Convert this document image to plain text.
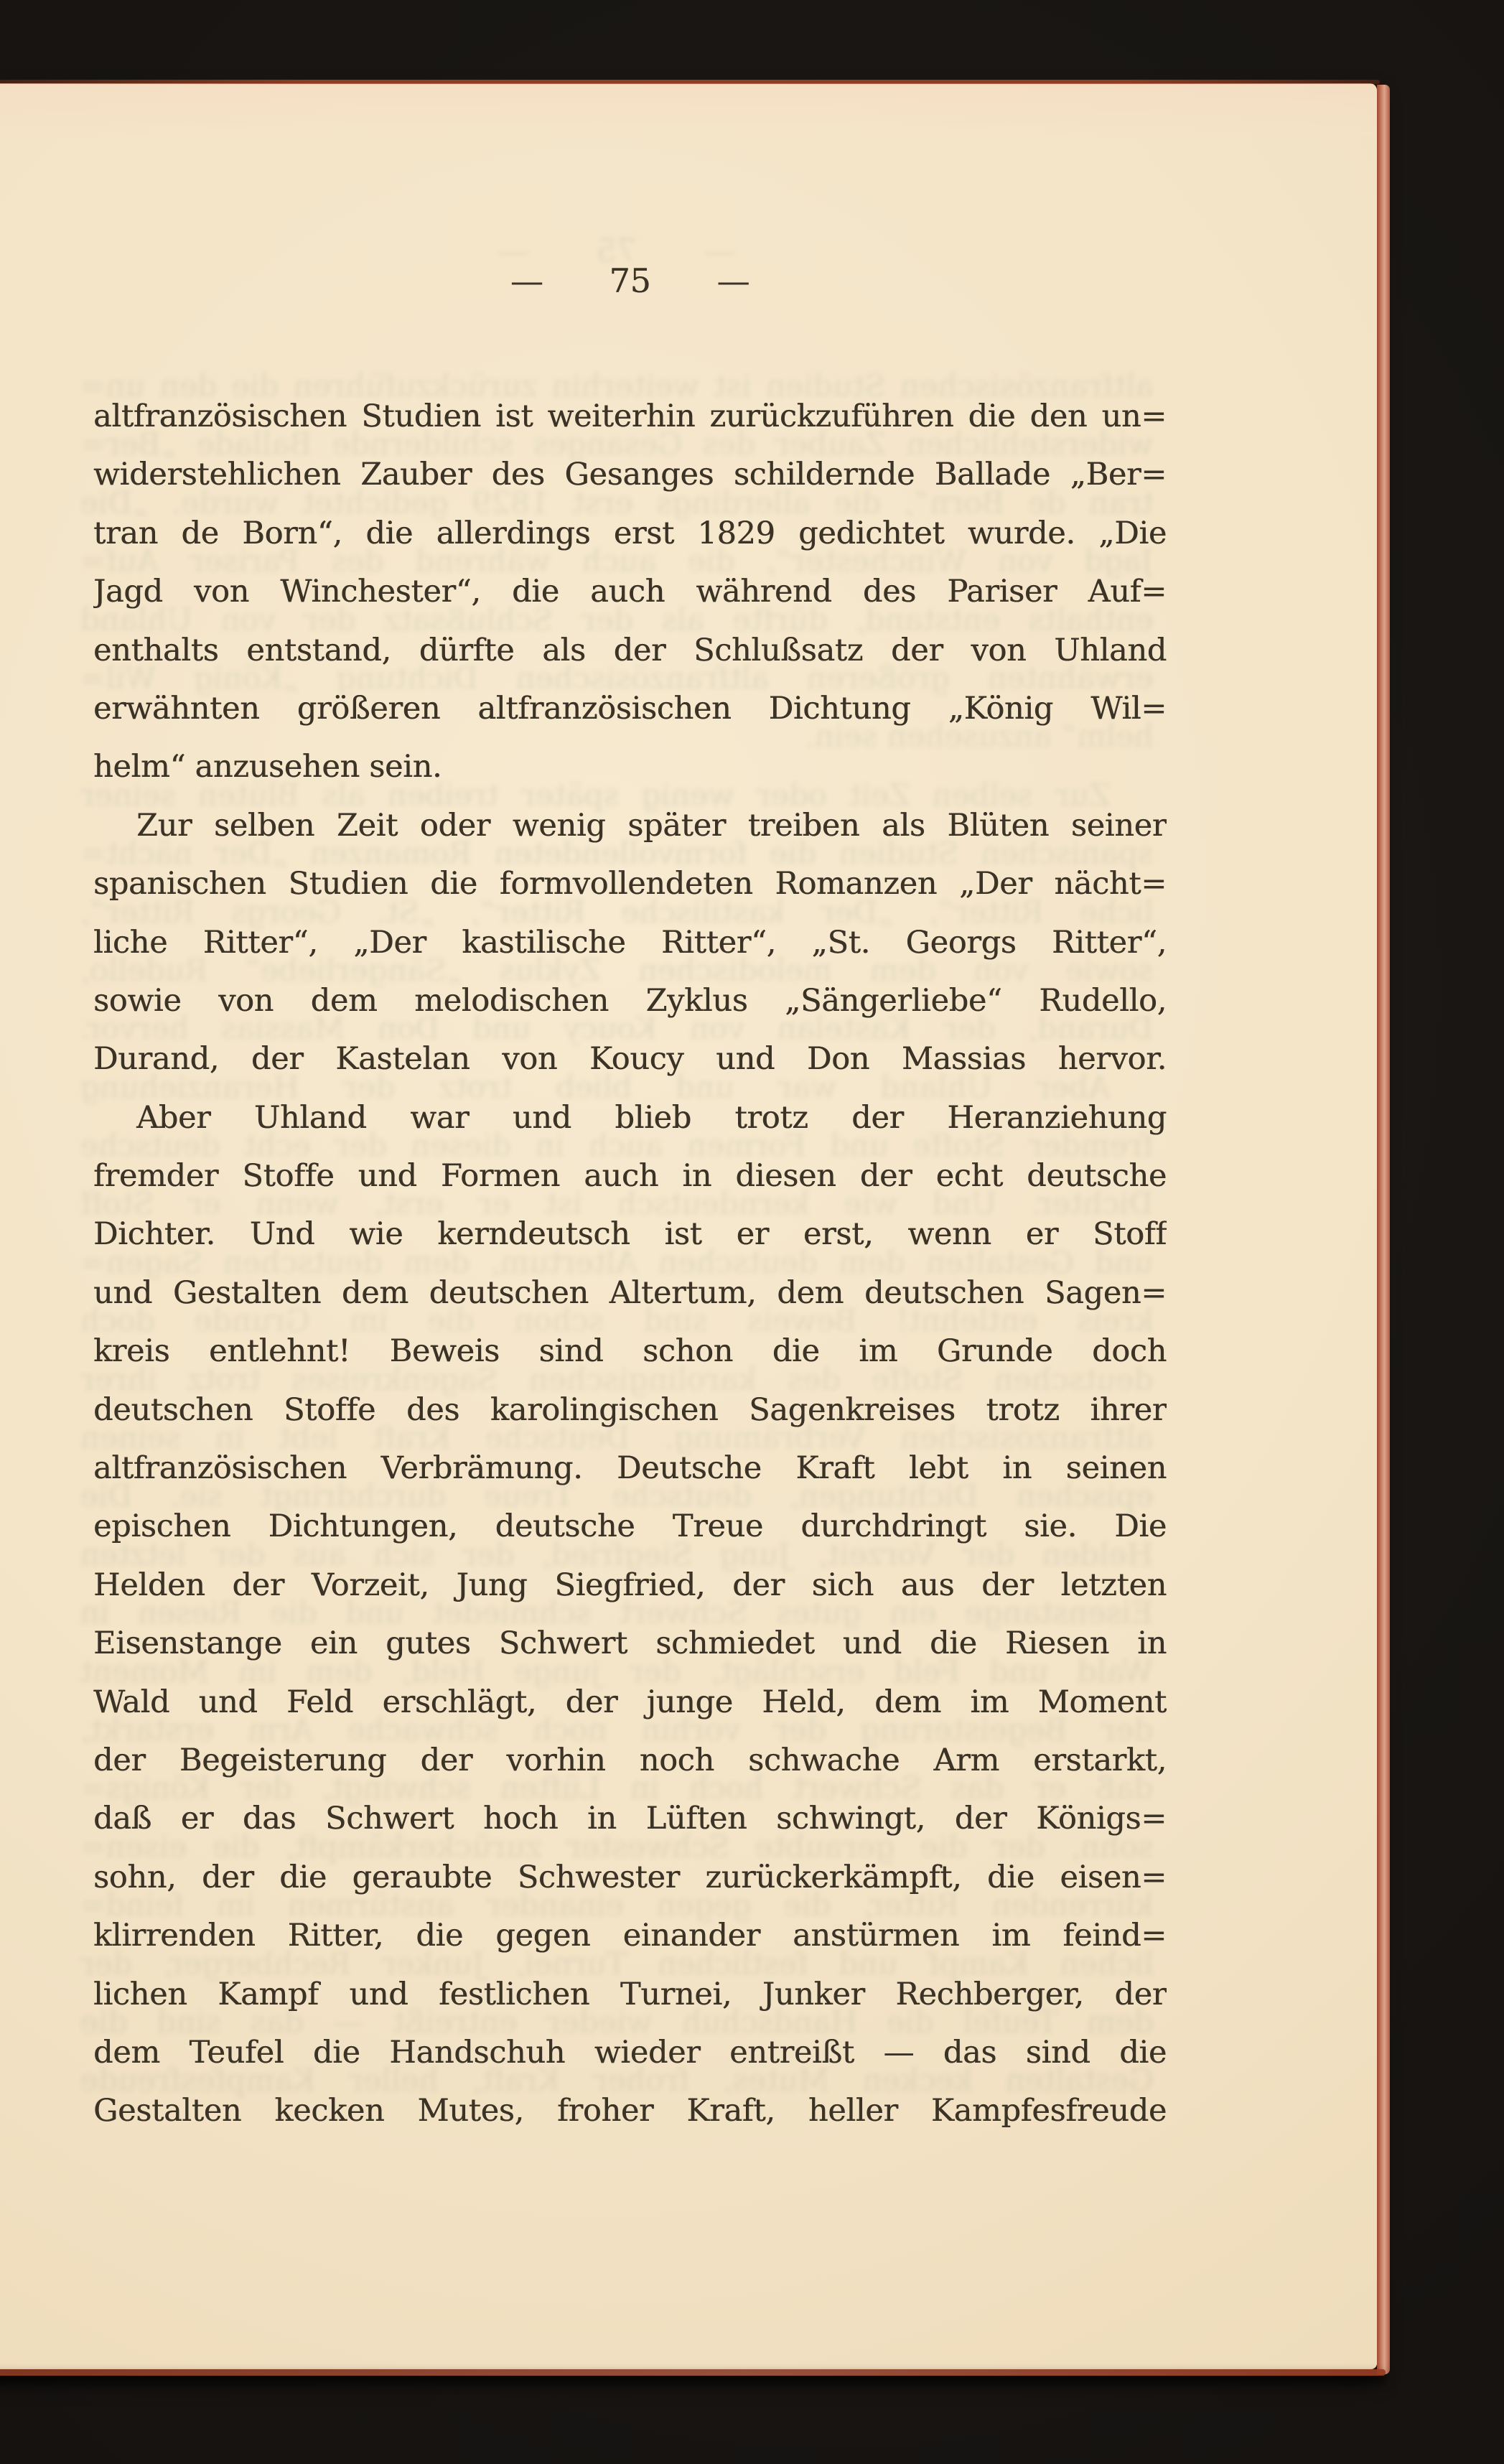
—
75
—
altfranzösischen Studien ist weiterhin zurückzuführen die den un=
widerstehlichen Zauber des Gesanges schildernde Ballade „Ber=
tran de Born“, die allerdings erst 1829 gedichtet wurde. „Die
Jagd von Winchester“, die auch während des Pariser Auf=
enthalts entstand, dürfte als der Schlußsatz der von Uhland
erwähnten größeren altfranzösischen Dichtung „König Wil=
helm“ anzusehen sein.
Zur selben Zeit oder wenig später treiben als Blüten seiner
spanischen Studien die formvollendeten Romanzen „Der nächt=
liche Ritter“, „Der kastilische Ritter“, „St. Georgs Ritter“,
sowie von dem melodischen Zyklus „Sängerliebe“ Rudello,
Durand, der Kastelan von Koucy und Don Massias hervor.
Aber Uhland war und blieb trotz der Heranziehung
fremder Stoffe und Formen auch in diesen der echt deutsche
Dichter. Und wie kerndeutsch ist er erst, wenn er Stoff
und Gestalten dem deutschen Altertum, dem deutschen Sagen=
kreis entlehnt! Beweis sind schon die im Grunde doch
deutschen Stoffe des karolingischen Sagenkreises trotz ihrer
altfranzösischen Verbrämung. Deutsche Kraft lebt in seinen
epischen Dichtungen, deutsche Treue durchdringt sie. Die
Helden der Vorzeit, Jung Siegfried, der sich aus der letzten
Eisenstange ein gutes Schwert schmiedet und die Riesen in
Wald und Feld erschlägt, der junge Held, dem im Moment
der Begeisterung der vorhin noch schwache Arm erstarkt,
daß er das Schwert hoch in Lüften schwingt, der Königs=
sohn, der die geraubte Schwester zurückerkämpft, die eisen=
klirrenden Ritter, die gegen einander anstürmen im feind=
lichen Kampf und festlichen Turnei, Junker Rechberger, der
dem Teufel die Handschuh wieder entreißt — das sind die
Gestalten kecken Mutes, froher Kraft, heller Kampfesfreude
— 75 —
altfranzösischen Studien ist weiterhin zurückzuführen die den un=
widerstehlichen Zauber des Gesanges schildernde Ballade „Ber=
tran de Born“, die allerdings erst 1829 gedichtet wurde. „Die
Jagd von Winchester“, die auch während des Pariser Auf=
enthalts entstand, dürfte als der Schlußsatz der von Uhland
erwähnten größeren altfranzösischen Dichtung „König Wil=
helm“ anzusehen sein.
Zur selben Zeit oder wenig später treiben als Blüten seiner
spanischen Studien die formvollendeten Romanzen „Der nächt=
liche Ritter“, „Der kastilische Ritter“, „St. Georgs Ritter“,
sowie von dem melodischen Zyklus „Sängerliebe“ Rudello,
Durand, der Kastelan von Koucy und Don Massias hervor.
Aber Uhland war und blieb trotz der Heranziehung
fremder Stoffe und Formen auch in diesen der echt deutsche
Dichter. Und wie kerndeutsch ist er erst, wenn er Stoff
und Gestalten dem deutschen Altertum, dem deutschen Sagen=
kreis entlehnt! Beweis sind schon die im Grunde doch
deutschen Stoffe des karolingischen Sagenkreises trotz ihrer
altfranzösischen Verbrämung. Deutsche Kraft lebt in seinen
epischen Dichtungen, deutsche Treue durchdringt sie. Die
Helden der Vorzeit, Jung Siegfried, der sich aus der letzten
Eisenstange ein gutes Schwert schmiedet und die Riesen in
Wald und Feld erschlägt, der junge Held, dem im Moment
der Begeisterung der vorhin noch schwache Arm erstarkt,
daß er das Schwert hoch in Lüften schwingt, der Königs=
sohn, der die geraubte Schwester zurückerkämpft, die eisen=
klirrenden Ritter, die gegen einander anstürmen im feind=
lichen Kampf und festlichen Turnei, Junker Rechberger, der
dem Teufel die Handschuh wieder entreißt — das sind die
Gestalten kecken Mutes, froher Kraft, heller Kampfesfreude
